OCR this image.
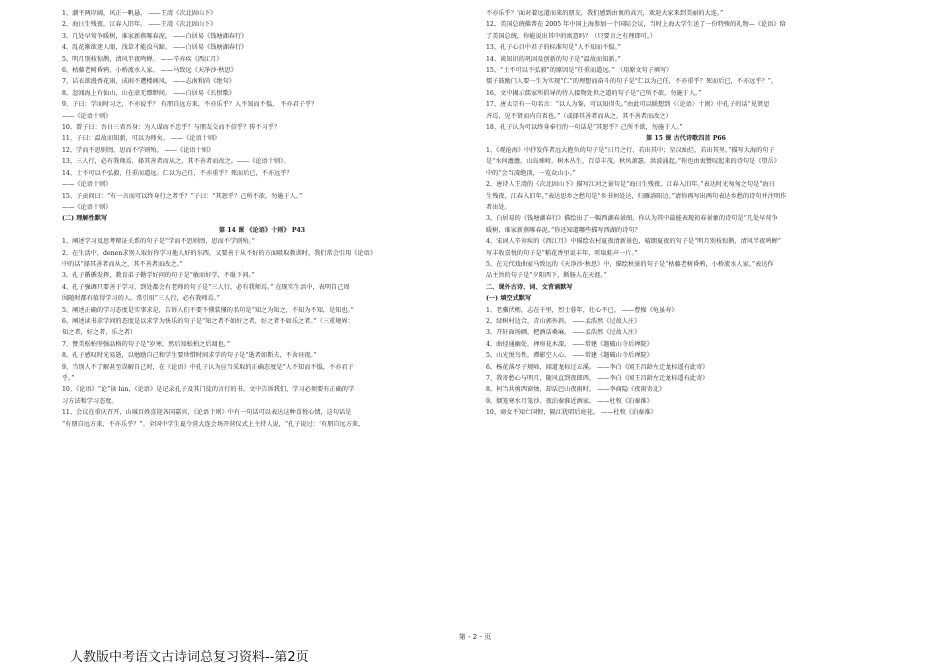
1、潮平两岸阔，风正一帆悬。 ——王湾《次北固山下》
2、海日生残夜，江春入旧年。 ——王湾《次北固山下》
3、几处早莺争暖树，谁家新燕啄春泥。 ——白居易《钱塘湖春行》
4、乱花渐欲迷人眼，浅草才能没马蹄。 ——白居易《钱塘湖春行》
5、明月别枝惊鹊，清风半夜鸣蝉。 ——辛弃疾《西江月》
6、枯藤老树昏鸦，小桥流水人家。 ——马致远《天净沙·秋思》
7、诘衣欲漫香花雨，成雨不遭楼阁风。 ——志南和尚《绝句》
8、忽闻海上有仙山，山在虚无缥缈间。 ——白居易《长恨歌》
9、子曰：学而时习之，不亦说乎？ 有朋自远方来，不亦乐乎？人不知而不愠， 不亦君子乎？
——《论语十则》
10、曾子曰：吾日三省吾身：为人谋而不忠乎？与朋友交而不信乎？传不习乎？
11、子曰：温故而知新，可以为师矣。 ——《论语十则》
12、学而不思则罔，思而不学则殆。 ——《论语十则》
13、三人行，必有我师焉，择其善者而从之，其不善者而改之。——《论语十则》。
14、士不可以不弘毅，任重而道远。仁以为己任，不亦重乎？死而后已，不亦远乎？
——《论语十则》
15、子贡问曰：“有一言而可以终身行之者乎？”子曰：“其恕乎？己所不欲，勿施于人。”
——《论语十则》
(二) 理解性默写
第 14 课 《论语》十则》 P43
1、阐述学习及思考辩证关系的句子是“学而不思则罔，思而不学则殆。”
2、在生活中，denen求别人取好你学习他人好的东西，又要善于从不好的方面吸取教训时，我们常会引用《论语》
中的话“择其善者而从之，其不善者而改之。”
3、孔子循循发挥，教育弟子勤学好问的句子是“敏而好学，不耻下问。”
4、孔子强调只要善于学习，到处都会有老师的句子是“三人行，必有我师焉。” 在现实生活中，表明自己周
围随时都有值得学习的人。常引用“三人行，必有我师焉。”
5、阐述正确的学习态度是实事求是，告诉人们不要不懂装懂的名句是“知之为知之，不知为不知，是知也。”
6、阐述读书求学问的态度是以求学为快乐的句子是“知之者不如好之者，好之者不如乐之者。”（三重境界：
知之者，好之者，乐之者）
7、赞美松柏坚强品格的句子是“岁寒，然后知松柏之后凋也。”
8、孔子感叹时光易逝，以勉励自己和学生要珍惜时间求学的句子是“逝者如斯夫，不舍昼夜。”
9、当别人不了解甚至误解自己时，在《论语》中孔子认为应当采取的正确态度是“人不知而不愠，不亦君子
乎。”
10、《论语》“论”读 lún，《论语》是记录孔子及其门徒的言行的书。文中告诉我们，学习必须要有正确的学
习方法和学习态度。
11、会议在重庆召开，山城百姓喜迎各国嘉宾，《论语十则》中有一句话可以表达这种喜悦心情，这句话是
“有朋自远方来，不亦乐乎？”。全国中学生夏令营大连会场开营仪式上主持人说，“孔子说过：‘有朋自远方来，
不亦乐乎？’面对着远道而来的朋友，我们感到由衷的高兴，欢迎大家来到美丽的大连。”
12、美国总统佛普在 2005 年中国上海参加一个国际会议，当时上海大学生送了一份特殊的礼物—《论语》给
了美国总统，你能说出其中的寓意吗？（只要言之有理即可。）
13、孔子心目中君子的标准句是“人不知而不愠。”
14、谈知识的巩固及创新的句子是“温故而知新。”
15、“士不可以不弘毅”的原因是“任重而道远。” （用原文句子填写）
儒子鼓励门人要一生为实现“仁”的理想而奋斗的句子是“仁以为己任，不亦重乎？死而后已，不亦远乎？”。
16、文中揭示儒家所倡导的待人接物处世之道的句子是“己所不欲，勿施于人。”
17、唐太宗有一句名言：“以人为鉴，可以知得失。”由此可以联想到《〈论语〉十则》中孔子的话“见贤思
齐焉，见不贤而内自省也。”（或择其善者而从之，其不善者而改之）
18、孔子认为可以终身奉行的一句话是“其恕乎？己所不欲，勿施于人。”
第 15 课 古代诗歌四首 P66
1、《观沧海》中抒发作者远大抱负的句子是“日月之行，若出其中；星汉灿烂，若出其里。”描写大海的句子
是“水何澹澹，山岛竦峙。树木丛生，百草丰茂。秋风萧瑟，洪波涌起。”你也由衷赞叹起来的诗句是《望岳》
中的“会当凌绝顶，一览众山小。”
2、唐诗人王湾的《次北固山下》描写江河之景句是“海日生残夜，江春入旧年。”表达时光匆匆之句是“海日
生残夜，江春入旧年。”表达思乡之愁句是“乡书何处达，归雁洛阳边。”请你再写出两句表达乡愁的诗句并注明作
者出处。
3、白居易的《钱塘湖春行》描绘出了一幅西湖春景图。你认为其中最能表现初春景象的诗句是“几处早莺争
暖树，谁家新燕啄春泥。”你还知道哪些描写西湖的诗句？
4、宋词人辛弃疾的《西江月》中描绘农村夏夜清新景色，晴朗夏夜的句子是“明月别枝惊鹊，清风半夜鸣蝉”
写丰收喜悦的句子是“稻花香里说丰年，听取蛙声一片。”
5、在元代戏曲家马致远的《天净沙·秋思》中，描绘秋景的句子是“枯藤老树昏鸦，小桥流水人家。”表达作
品主旨的句子是“夕阳西下，断肠人在天涯。”
二、课外古诗、词、文背诵默写
(一) 填空式默写
1、老骥伏枥，志在千里，烈士暮年，壮心不已。 ——曹操《龟虽寿》
2、绿树村边合，青山郭外斜。 ——孟浩然《过故人庄》
3、开轩面场圃，把酒话桑麻。 ——孟浩然《过故人庄》
4、曲径通幽处，禅房花木深。 ——常建《题破山寺后禅院》
5、山光悦鸟性，潭影空人心。 ——常建《题破山寺后禅院》
6、杨花落尽子规啼，闻道龙标过五溪。 ——李白《闻王昌龄左迁龙标遥有此寄》
7、我寄愁心与明月，随风直到夜郎西。 ——李白《闻王昌龄左迁龙标遥有此寄》
8、何当共剪西窗烛，却话巴山夜雨时。 ——李商隐《夜雨寄北》
9、烟笼寒水月笼沙，夜泊秦淮近酒家。 ——杜牧《泊秦淮》
10、商女不知亡国恨，隔江犹唱后庭花。 ——杜牧《泊秦淮》
第 - 2 - 页
人教版中考语文古诗词总复习资料--第2页
